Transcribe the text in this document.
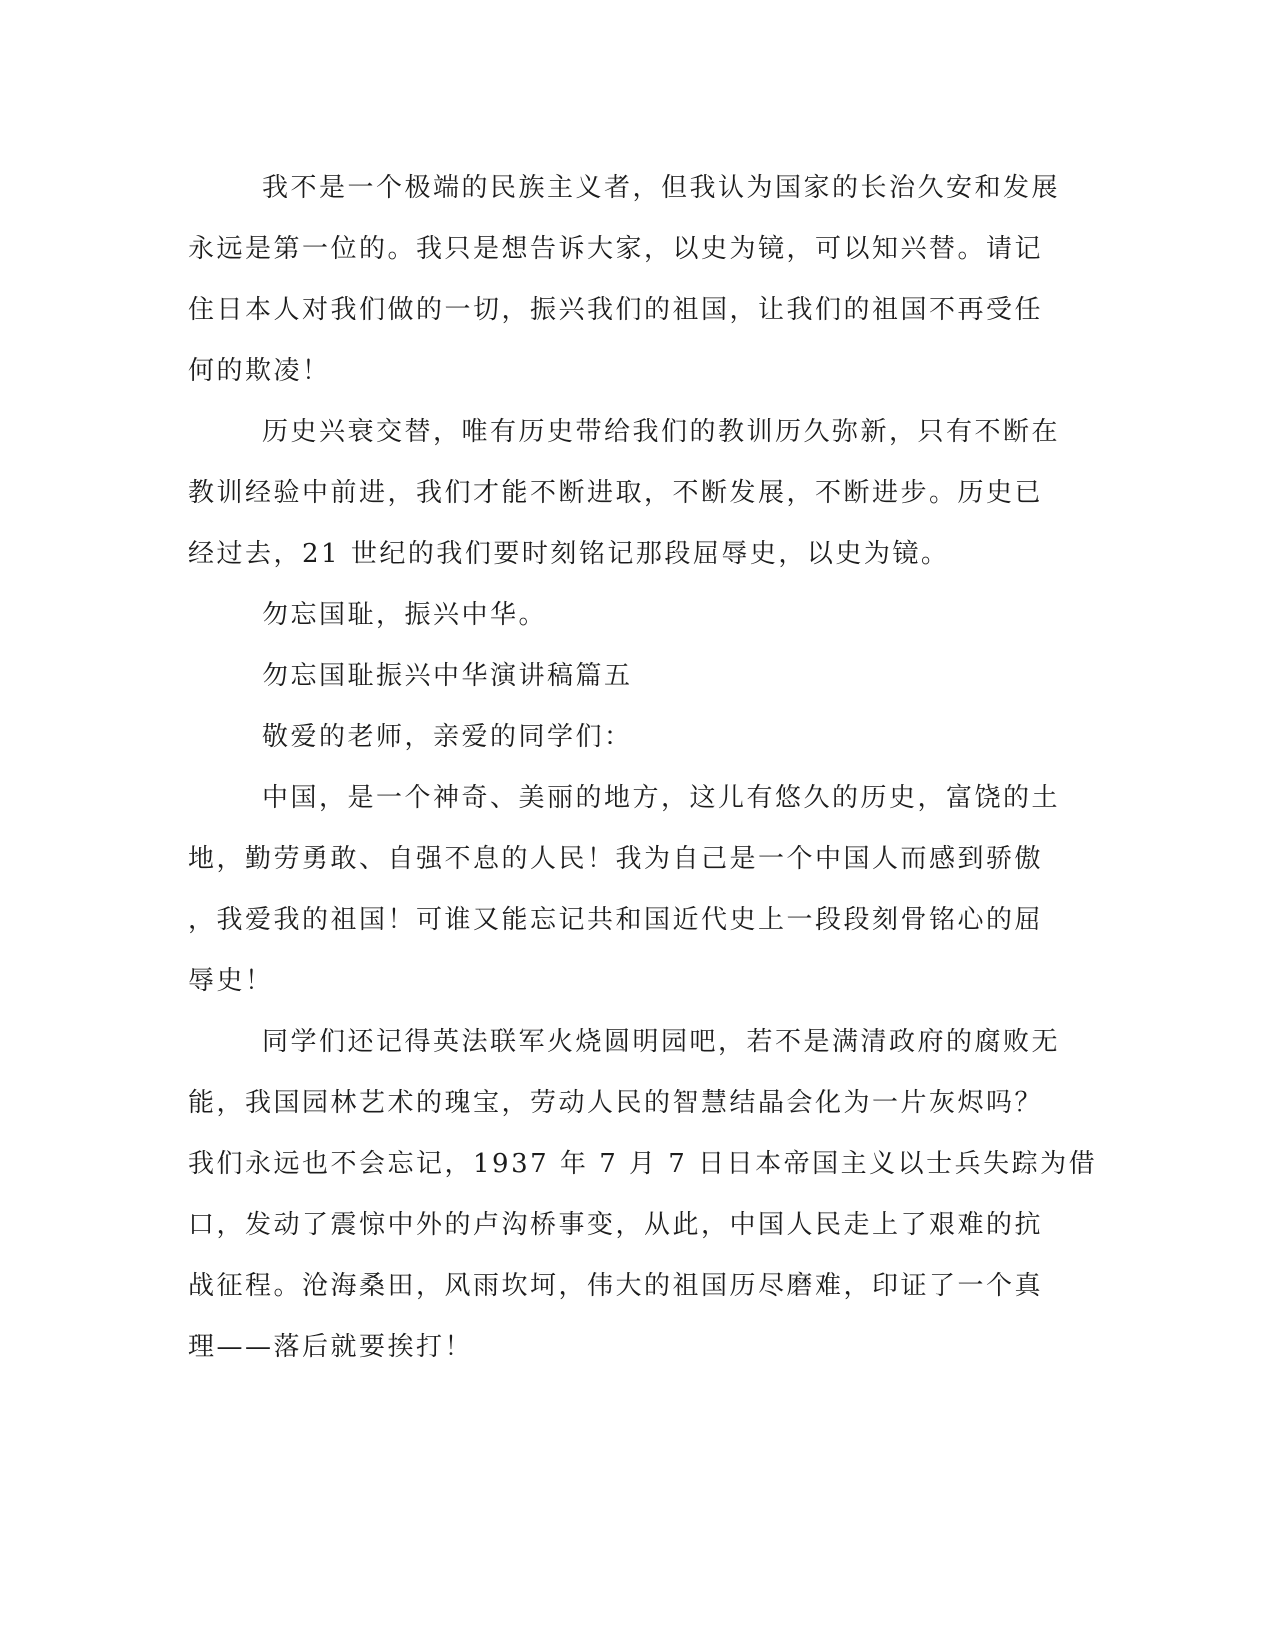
我不是一个极端的民族主义者，但我认为国家的长治久安和发展
永远是第一位的。我只是想告诉大家，以史为镜，可以知兴替。请记
住日本人对我们做的一切，振兴我们的祖国，让我们的祖国不再受任
何的欺凌！

历史兴衰交替，唯有历史带给我们的教训历久弥新，只有不断在
教训经验中前进，我们才能不断进取，不断发展，不断进步。历史已
经过去，21 世纪的我们要时刻铭记那段屈辱史，以史为镜。

勿忘国耻，振兴中华。

勿忘国耻振兴中华演讲稿篇五

敬爱的老师，亲爱的同学们：

中国，是一个神奇、美丽的地方，这儿有悠久的历史，富饶的土
地，勤劳勇敢、自强不息的人民！我为自己是一个中国人而感到骄傲
，我爱我的祖国！可谁又能忘记共和国近代史上一段段刻骨铭心的屈
辱史！

同学们还记得英法联军火烧圆明园吧，若不是满清政府的腐败无
能，我国园林艺术的瑰宝，劳动人民的智慧结晶会化为一片灰烬吗？
我们永远也不会忘记，1937 年 7 月 7 日日本帝国主义以士兵失踪为借
口，发动了震惊中外的卢沟桥事变，从此，中国人民走上了艰难的抗
战征程。沧海桑田，风雨坎坷，伟大的祖国历尽磨难，印证了一个真
理——落后就要挨打！
